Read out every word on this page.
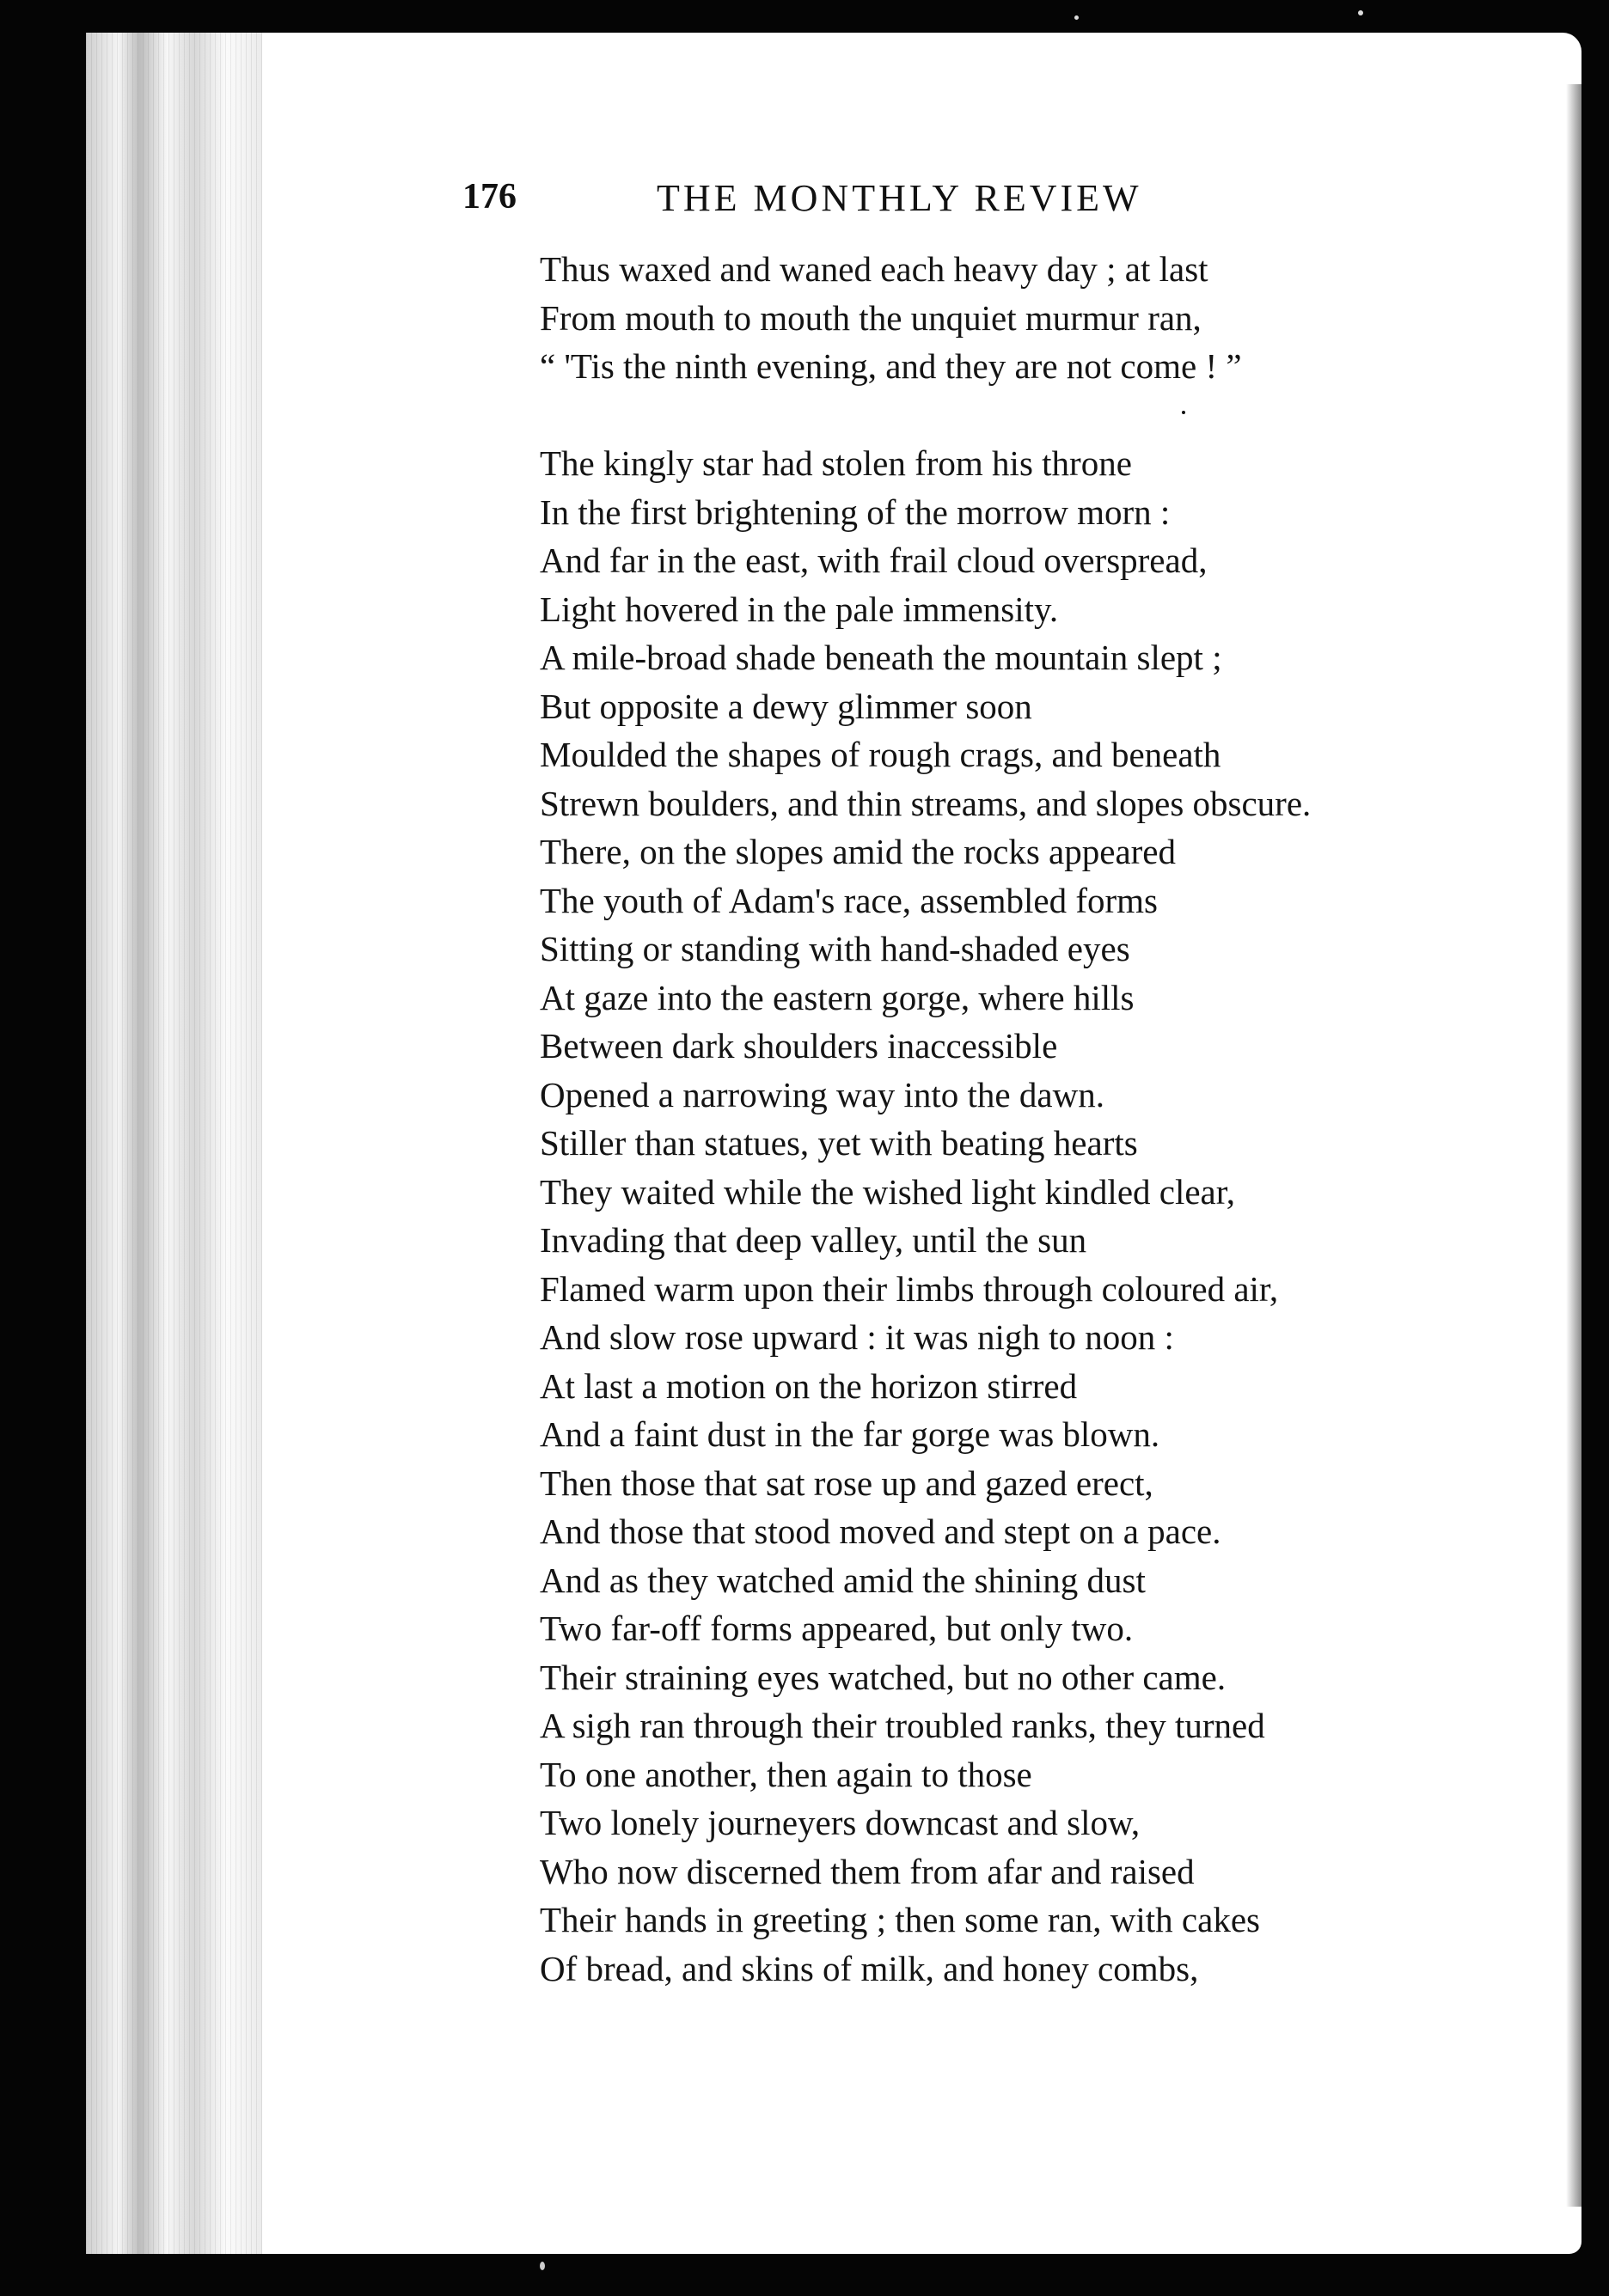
176	THE MONTHLY REVIEW
Thus waxed and waned each heavy day ; at last
From mouth to mouth the unquiet murmur ran,
“ 'Tis the ninth evening, and they are not come ! ”
The kingly star had stolen from his throne
In the first brightening of the morrow morn :
And far in the east, with frail cloud overspread,
Light hovered in the pale immensity.
A mile-broad shade beneath the mountain slept ;
But opposite a dewy glimmer soon
Moulded the shapes of rough crags, and beneath
Strewn boulders, and thin streams, and slopes obscure.
There, on the slopes amid the rocks appeared
The youth of Adam's race, assembled forms
Sitting or standing with hand-shaded eyes
At gaze into the eastern gorge, where hills
Between dark shoulders inaccessible
Opened a narrowing way into the dawn.
Stiller than statues, yet with beating hearts
They waited while the wished light kindled clear,
Invading that deep valley, until the sun
Flamed warm upon their limbs through coloured air,
And slow rose upward : it was nigh to noon :
At last a motion on the horizon stirred
And a faint dust in the far gorge was blown.
Then those that sat rose up and gazed erect,
And those that stood moved and stept on a pace.
And as they watched amid the shining dust
Two far-off forms appeared, but only two.
Their straining eyes watched, but no other came.
A sigh ran through their troubled ranks, they turned
To one another, then again to those
Two lonely journeyers downcast and slow,
Who now discerned them from afar and raised
Their hands in greeting ; then some ran, with cakes
Of bread, and skins of milk, and honey combs,
